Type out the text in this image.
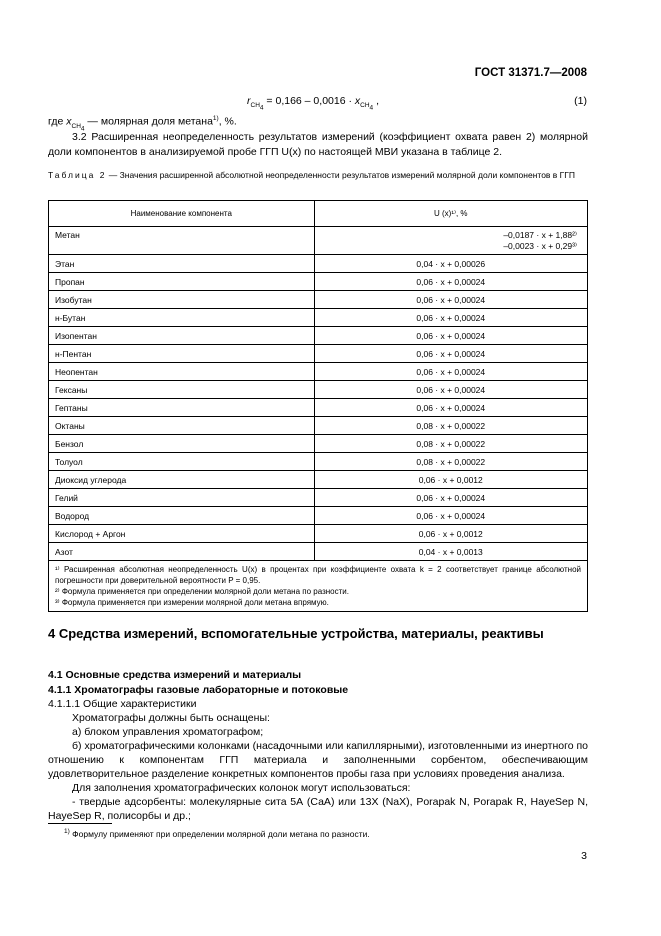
ГОСТ 31371.7—2008
$r_{CH_4} = 0,166 - 0,0016 \cdot x_{CH_4}$ ,	(1)
где $x_{CH_4}$ — молярная доля метана$^{1)}$, %.
3.2 Расширенная неопределенность результатов измерений (коэффициент охвата равен 2) молярной доли компонентов в анализируемой пробе ГГП U(x) по настоящей МВИ указана в таблице 2.
Таблица 2 — Значения расширенной абсолютной неопределенности результатов измерений молярной доли компонентов в ГГП
Наименование компонента	U (x)¹⁾, %
Метан	–0,0187 · x + 1,88²⁾
–0,0023 · x + 0,29³⁾

Этан	0,04 · x + 0,00026
Пропан	0,06 · x + 0,00024
Изобутан	0,06 · x + 0,00024
н-Бутан	0,06 · x + 0,00024
Изопентан	0,06 · x + 0,00024
н-Пентан	0,06 · x + 0,00024
Неопентан	0,06 · x + 0,00024
Гексаны	0,06 · x + 0,00024
Гептаны	0,06 · x + 0,00024
Октаны	0,08 · x + 0,00022
Бензол	0,08 · x + 0,00022
Толуол	0,08 · x + 0,00022
Диоксид углерода	0,06 · x + 0,0012
Гелий	0,06 · x + 0,00024
Водород	0,06 · x + 0,00024
Кислород + Аргон	0,06 · x + 0,0012
Азот	0,04 · x + 0,0013

¹⁾ Расширенная абсолютная неопределенность U(x) в процентах при коэффициенте охвата k = 2 соответствует границе абсолютной погрешности при доверительной вероятности P = 0,95.
²⁾ Формула применяется при определении молярной доли метана по разности.
³⁾ Формула применяется при измерении молярной доли метана впрямую.	
4 Средства измерений, вспомогательные устройства, материалы, реактивы
4.1 Основные средства измерений и материалы
4.1.1 Хроматографы газовые лабораторные и потоковые
4.1.1.1 Общие характеристики
Хроматографы должны быть оснащены:
а) блоком управления хроматографом;
б) хроматографическими колонками (насадочными или капиллярными), изготовленными из инертного по отношению к компонентам ГГП материала и заполненными сорбентом, обеспечивающим удовлетворительное разделение конкретных компонентов пробы газа при условиях проведения анализа.
Для заполнения хроматографических колонок могут использоваться:
- твердые адсорбенты: молекулярные сита 5А (СаА) или 13Х (NaX), Porapak N, Porapak R, HayeSep N, HayeSep R, полисорбы и др.;
$^{1)}$ Формулу применяют при определении молярной доли метана по разности.
3
